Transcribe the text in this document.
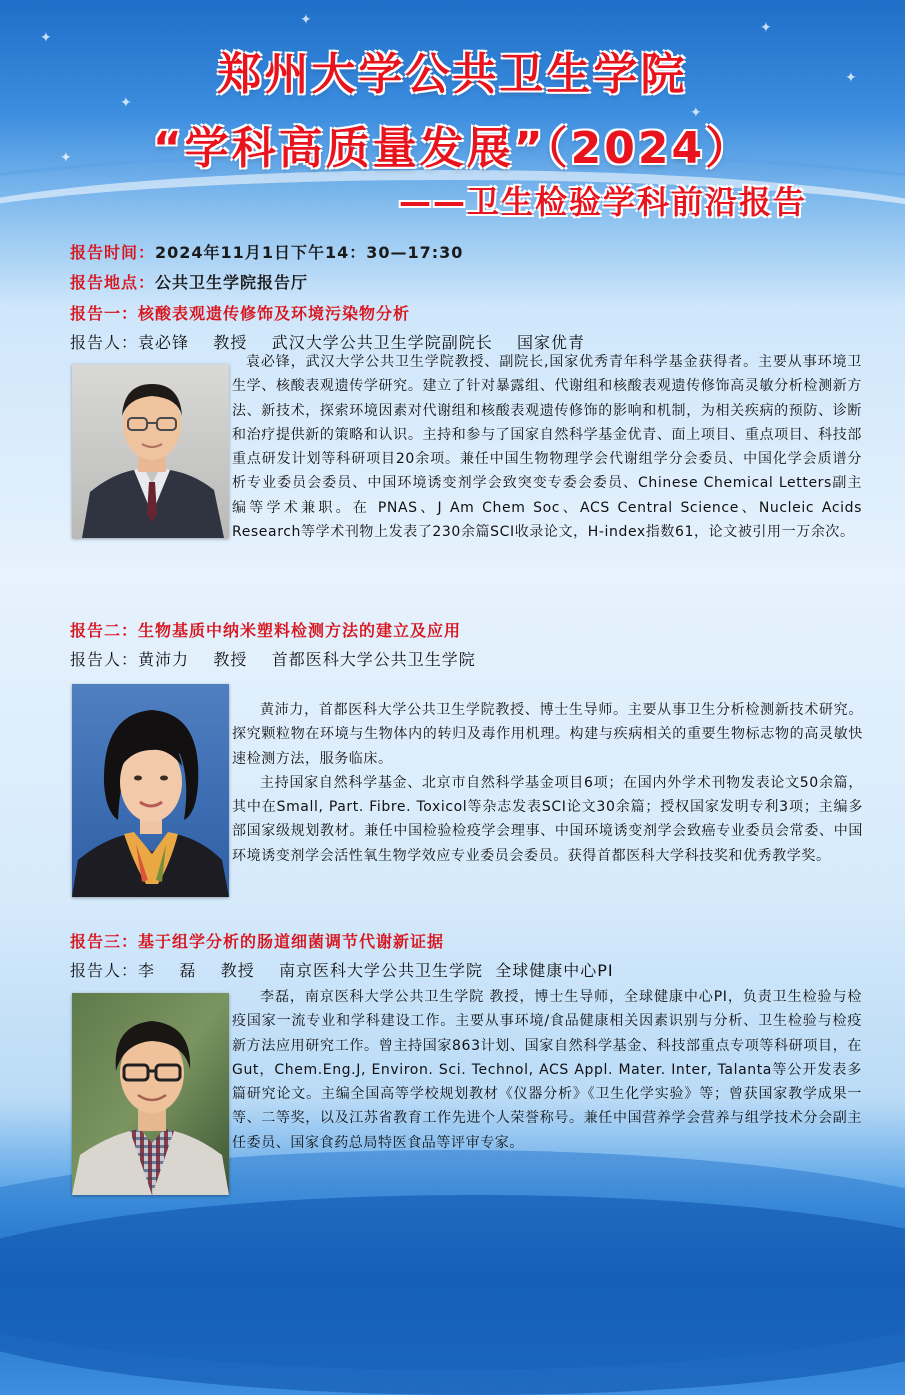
✦
✦
✦
✦
✦
✦
✦
郑州大学公共卫生学院
“学科高质量发展”（2024）
——卫生检验学科前沿报告
报告时间：2024年11月1日下午14：30—17:30
报告地点：公共卫生学院报告厅
报告一：核酸表观遗传修饰及环境污染物分析
报告人：袁必锋    教授    武汉大学公共卫生学院副院长    国家优青

袁必锋，武汉大学公共卫生学院教授、副院长,国家优秀青年科学基金获得者。主要从事环境卫生学、核酸表观遗传学研究。建立了针对暴露组、代谢组和核酸表观遗传修饰高灵敏分析检测新方法、新技术，探索环境因素对代谢组和核酸表观遗传修饰的影响和机制，为相关疾病的预防、诊断和治疗提供新的策略和认识。主持和参与了国家自然科学基金优青、面上项目、重点项目、科技部重点研发计划等科研项目20余项。兼任中国生物物理学会代谢组学分会委员、中国化学会质谱分析专业委员会委员、中国环境诱变剂学会致突变专委会委员、Chinese Chemical Letters副主编等学术兼职。在 PNAS、J Am Chem Soc、ACS Central Science、Nucleic Acids Research等学术刊物上发表了230余篇SCI收录论文，H-index指数61，论文被引用一万余次。

报告二：生物基质中纳米塑料检测方法的建立及应用
报告人：黄沛力    教授    首都医科大学公共卫生学院

黄沛力，首都医科大学公共卫生学院教授、博士生导师。主要从事卫生分析检测新技术研究。探究颗粒物在环境与生物体内的转归及毒作用机理。构建与疾病相关的重要生物标志物的高灵敏快速检测方法，服务临床。

主持国家自然科学基金、北京市自然科学基金项目6项；在国内外学术刊物发表论文50余篇，其中在Small, Part. Fibre. Toxicol等杂志发表SCI论文30余篇；授权国家发明专利3项；主编多部国家级规划教材。兼任中国检验检疫学会理事、中国环境诱变剂学会致癌专业委员会常委、中国环境诱变剂学会活性氧生物学效应专业委员会委员。获得首都医科大学科技奖和优秀教学奖。

报告三：基于组学分析的肠道细菌调节代谢新证据
报告人：李    磊    教授    南京医科大学公共卫生学院  全球健康中心PI

李磊，南京医科大学公共卫生学院 教授，博士生导师，全球健康中心PI，负责卫生检验与检疫国家一流专业和学科建设工作。主要从事环境/食品健康相关因素识别与分析、卫生检验与检疫新方法应用研究工作。曾主持国家863计划、国家自然科学基金、科技部重点专项等科研项目，在Gut，Chem.Eng.J, Environ. Sci. Technol, ACS Appl. Mater. Inter, Talanta等公开发表多篇研究论文。主编全国高等学校规划教材《仪器分析》《卫生化学实验》等；曾获国家教学成果一等、二等奖，以及江苏省教育工作先进个人荣誉称号。兼任中国营养学会营养与组学技术分会副主任委员、国家食药总局特医食品等评审专家。
